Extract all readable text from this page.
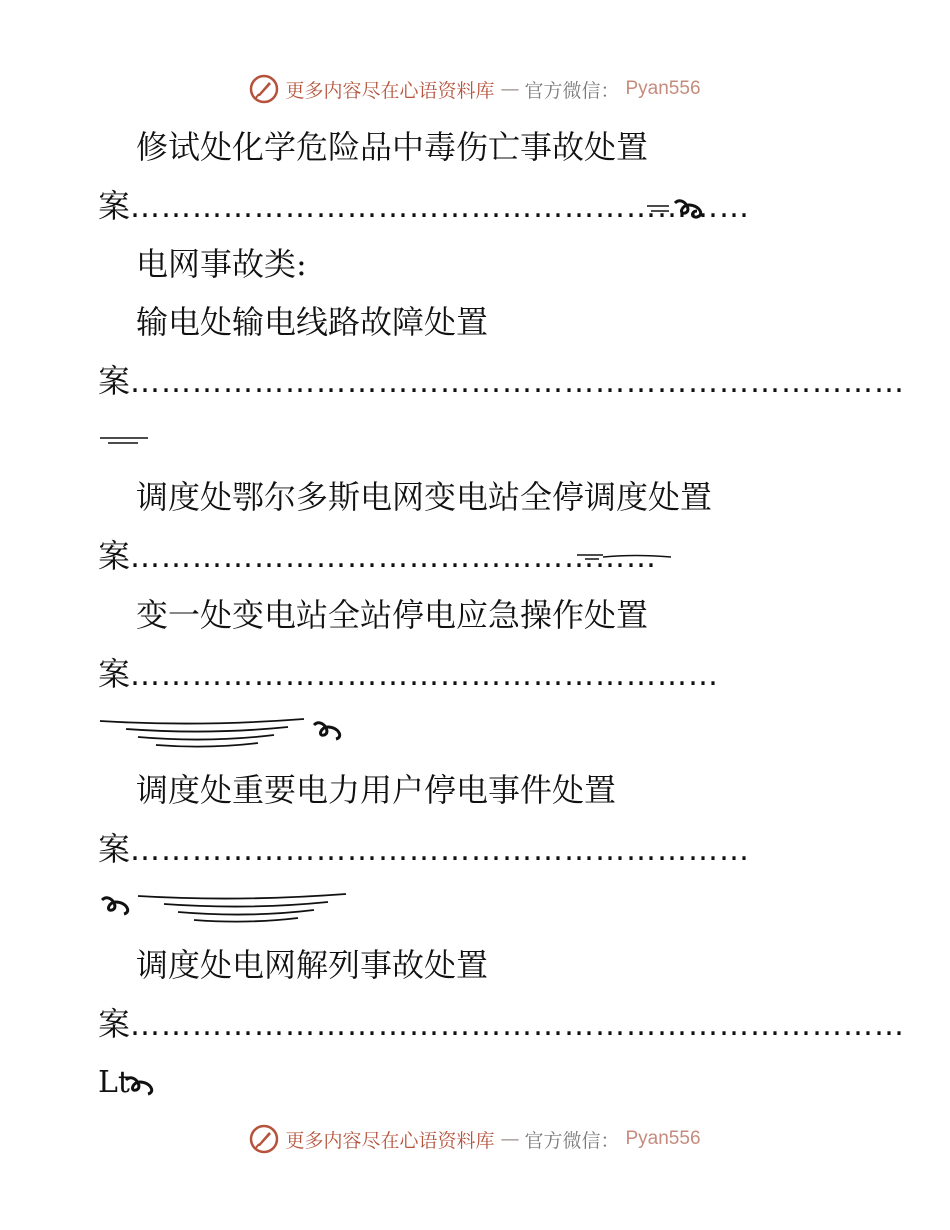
更多内容尽在心语资料库 — 官方微信： Pyan556
修试处化学危险品中毒伤亡事故处置
案……………………………………………………
电网事故类:
输电处输电线路故障处置
案…………………………………………………………………
调度处鄂尔多斯电网变电站全停调度处置
案……………………………………………
变一处变电站全站停电应急操作处置
案…………………………………………………
调度处重要电力用户停电事件处置
案……………………………………………………
调度处电网解列事故处置
案…………………………………………………………………
Lt
更多内容尽在心语资料库 — 官方微信： Pyan556
